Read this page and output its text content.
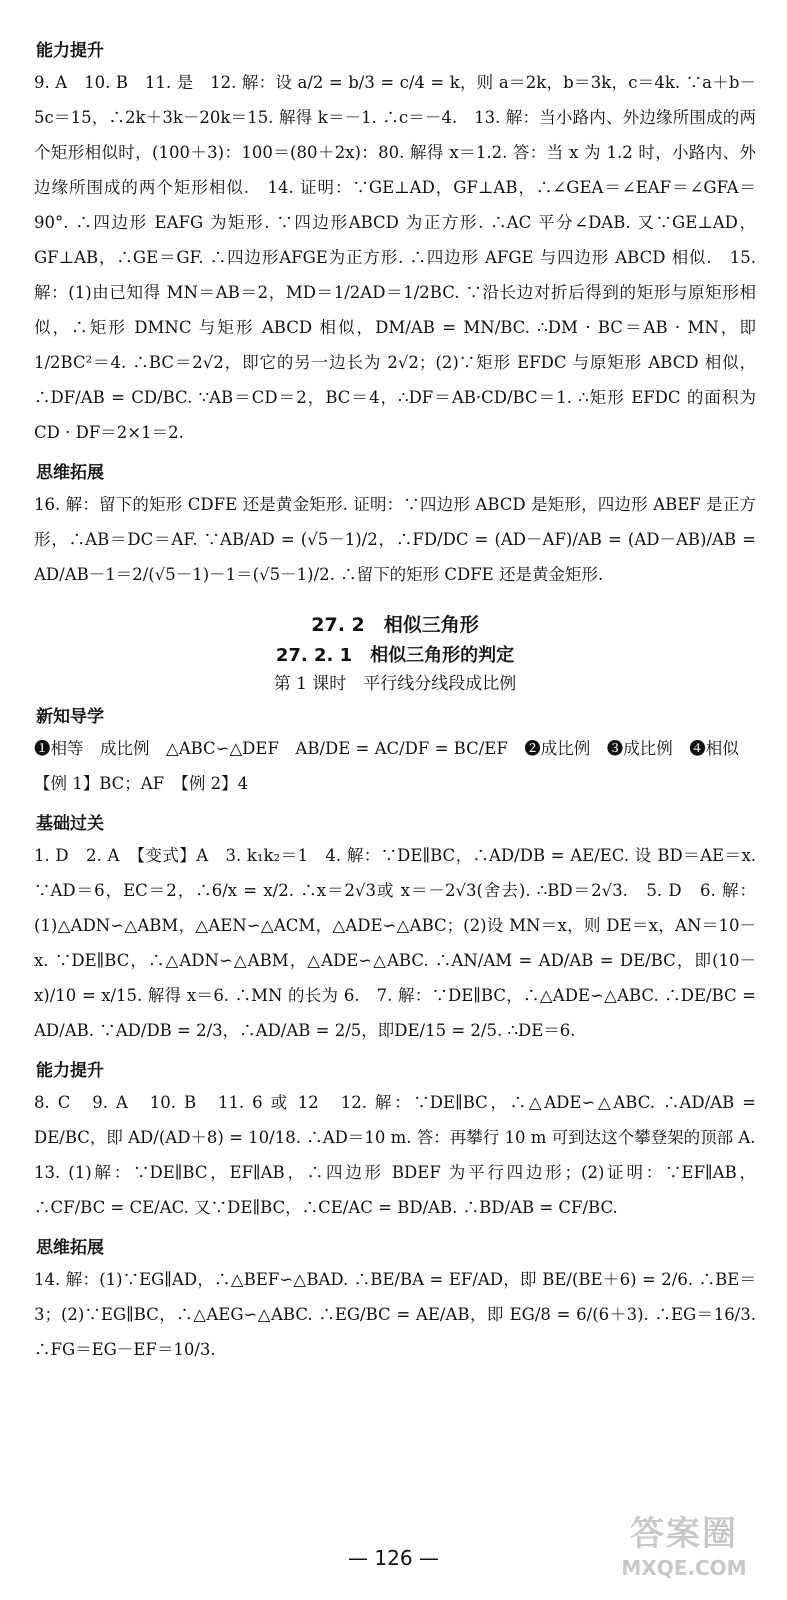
能力提升

9. A　10. B　11. 是　12. 解：设 a/2 = b/3 = c/4 = k，则 a＝2k，b＝3k，c＝4k. ∵a＋b－5c＝15，∴2k＋3k－20k＝15. 解得 k＝－1. ∴c＝－4.　13. 解：当小路内、外边缘所围成的两个矩形相似时，(100＋3)：100＝(80＋2x)：80. 解得 x＝1.2. 答：当 x 为 1.2 时，小路内、外边缘所围成的两个矩形相似.　14. 证明：∵GE⊥AD，GF⊥AB，∴∠GEA＝∠EAF＝∠GFA＝90°. ∴四边形 EAFG 为矩形. ∵四边形ABCD 为正方形. ∴AC 平分∠DAB. 又∵GE⊥AD，GF⊥AB，∴GE＝GF. ∴四边形AFGE为正方形. ∴四边形 AFGE 与四边形 ABCD 相似.　15. 解：(1)由已知得 MN＝AB＝2，MD＝1/2AD＝1/2BC. ∵沿长边对折后得到的矩形与原矩形相似，∴矩形 DMNC 与矩形 ABCD 相似，DM/AB = MN/BC. ∴DM · BC＝AB · MN，即 1/2BC²＝4. ∴BC＝2√2，即它的另一边长为 2√2；(2)∵矩形 EFDC 与原矩形 ABCD 相似，∴DF/AB = CD/BC. ∵AB＝CD＝2，BC＝4，∴DF＝AB·CD/BC＝1. ∴矩形 EFDC 的面积为 CD · DF＝2×1＝2.

思维拓展

16. 解：留下的矩形 CDFE 还是黄金矩形. 证明：∵四边形 ABCD 是矩形，四边形 ABEF 是正方形，∴AB＝DC＝AF. ∵AB/AD = (√5－1)/2，∴FD/DC = (AD－AF)/AB = (AD－AB)/AB = AD/AB－1＝2/(√5－1)－1＝(√5－1)/2. ∴留下的矩形 CDFE 还是黄金矩形.

27. 2　相似三角形
27. 2. 1　相似三角形的判定
第 1 课时　平行线分线段成比例
新知导学

❶相等　成比例　△ABC∽△DEF　AB/DE = AC/DF = BC/EF　❷成比例　❸成比例　❹相似

【例 1】BC；AF　【例 2】4

基础过关

1. D　2. A　【变式】A　3. k₁k₂＝1　4. 解：∵DE∥BC，∴AD/DB = AE/EC. 设 BD＝AE＝x. ∵AD＝6，EC＝2，∴6/x = x/2. ∴x＝2√3或 x＝－2√3(舍去). ∴BD＝2√3.　5. D　6. 解：(1)△ADN∽△ABM，△AEN∽△ACM，△ADE∽△ABC；(2)设 MN＝x，则 DE＝x，AN＝10－x. ∵DE∥BC，∴△ADN∽△ABM，△ADE∽△ABC. ∴AN/AM = AD/AB = DE/BC，即(10－x)/10 = x/15. 解得 x＝6. ∴MN 的长为 6.　7. 解：∵DE∥BC，∴△ADE∽△ABC. ∴DE/BC = AD/AB. ∵AD/DB = 2/3，∴AD/AB = 2/5，即DE/15 = 2/5. ∴DE＝6.

能力提升

8. C　9. A　10. B　11. 6 或 12　12. 解：∵DE∥BC，∴△ADE∽△ABC. ∴AD/AB = DE/BC，即 AD/(AD＋8) = 10/18. ∴AD＝10 m. 答：再攀行 10 m 可到达这个攀登架的顶部 A.

13. (1)解：∵DE∥BC，EF∥AB，∴四边形 BDEF 为平行四边形；(2)证明：∵EF∥AB，∴CF/BC = CE/AC. 又∵DE∥BC，∴CE/AC = BD/AB. ∴BD/AB = CF/BC.

思维拓展

14. 解：(1)∵EG∥AD，∴△BEF∽△BAD. ∴BE/BA = EF/AD，即 BE/(BE＋6) = 2/6. ∴BE＝3；(2)∵EG∥BC，∴△AEG∽△ABC. ∴EG/BC = AE/AB，即 EG/8 = 6/(6＋3). ∴EG＝16/3. ∴FG＝EG－EF＝10/3.

— 126 —
答案圈
MXQE.COM
